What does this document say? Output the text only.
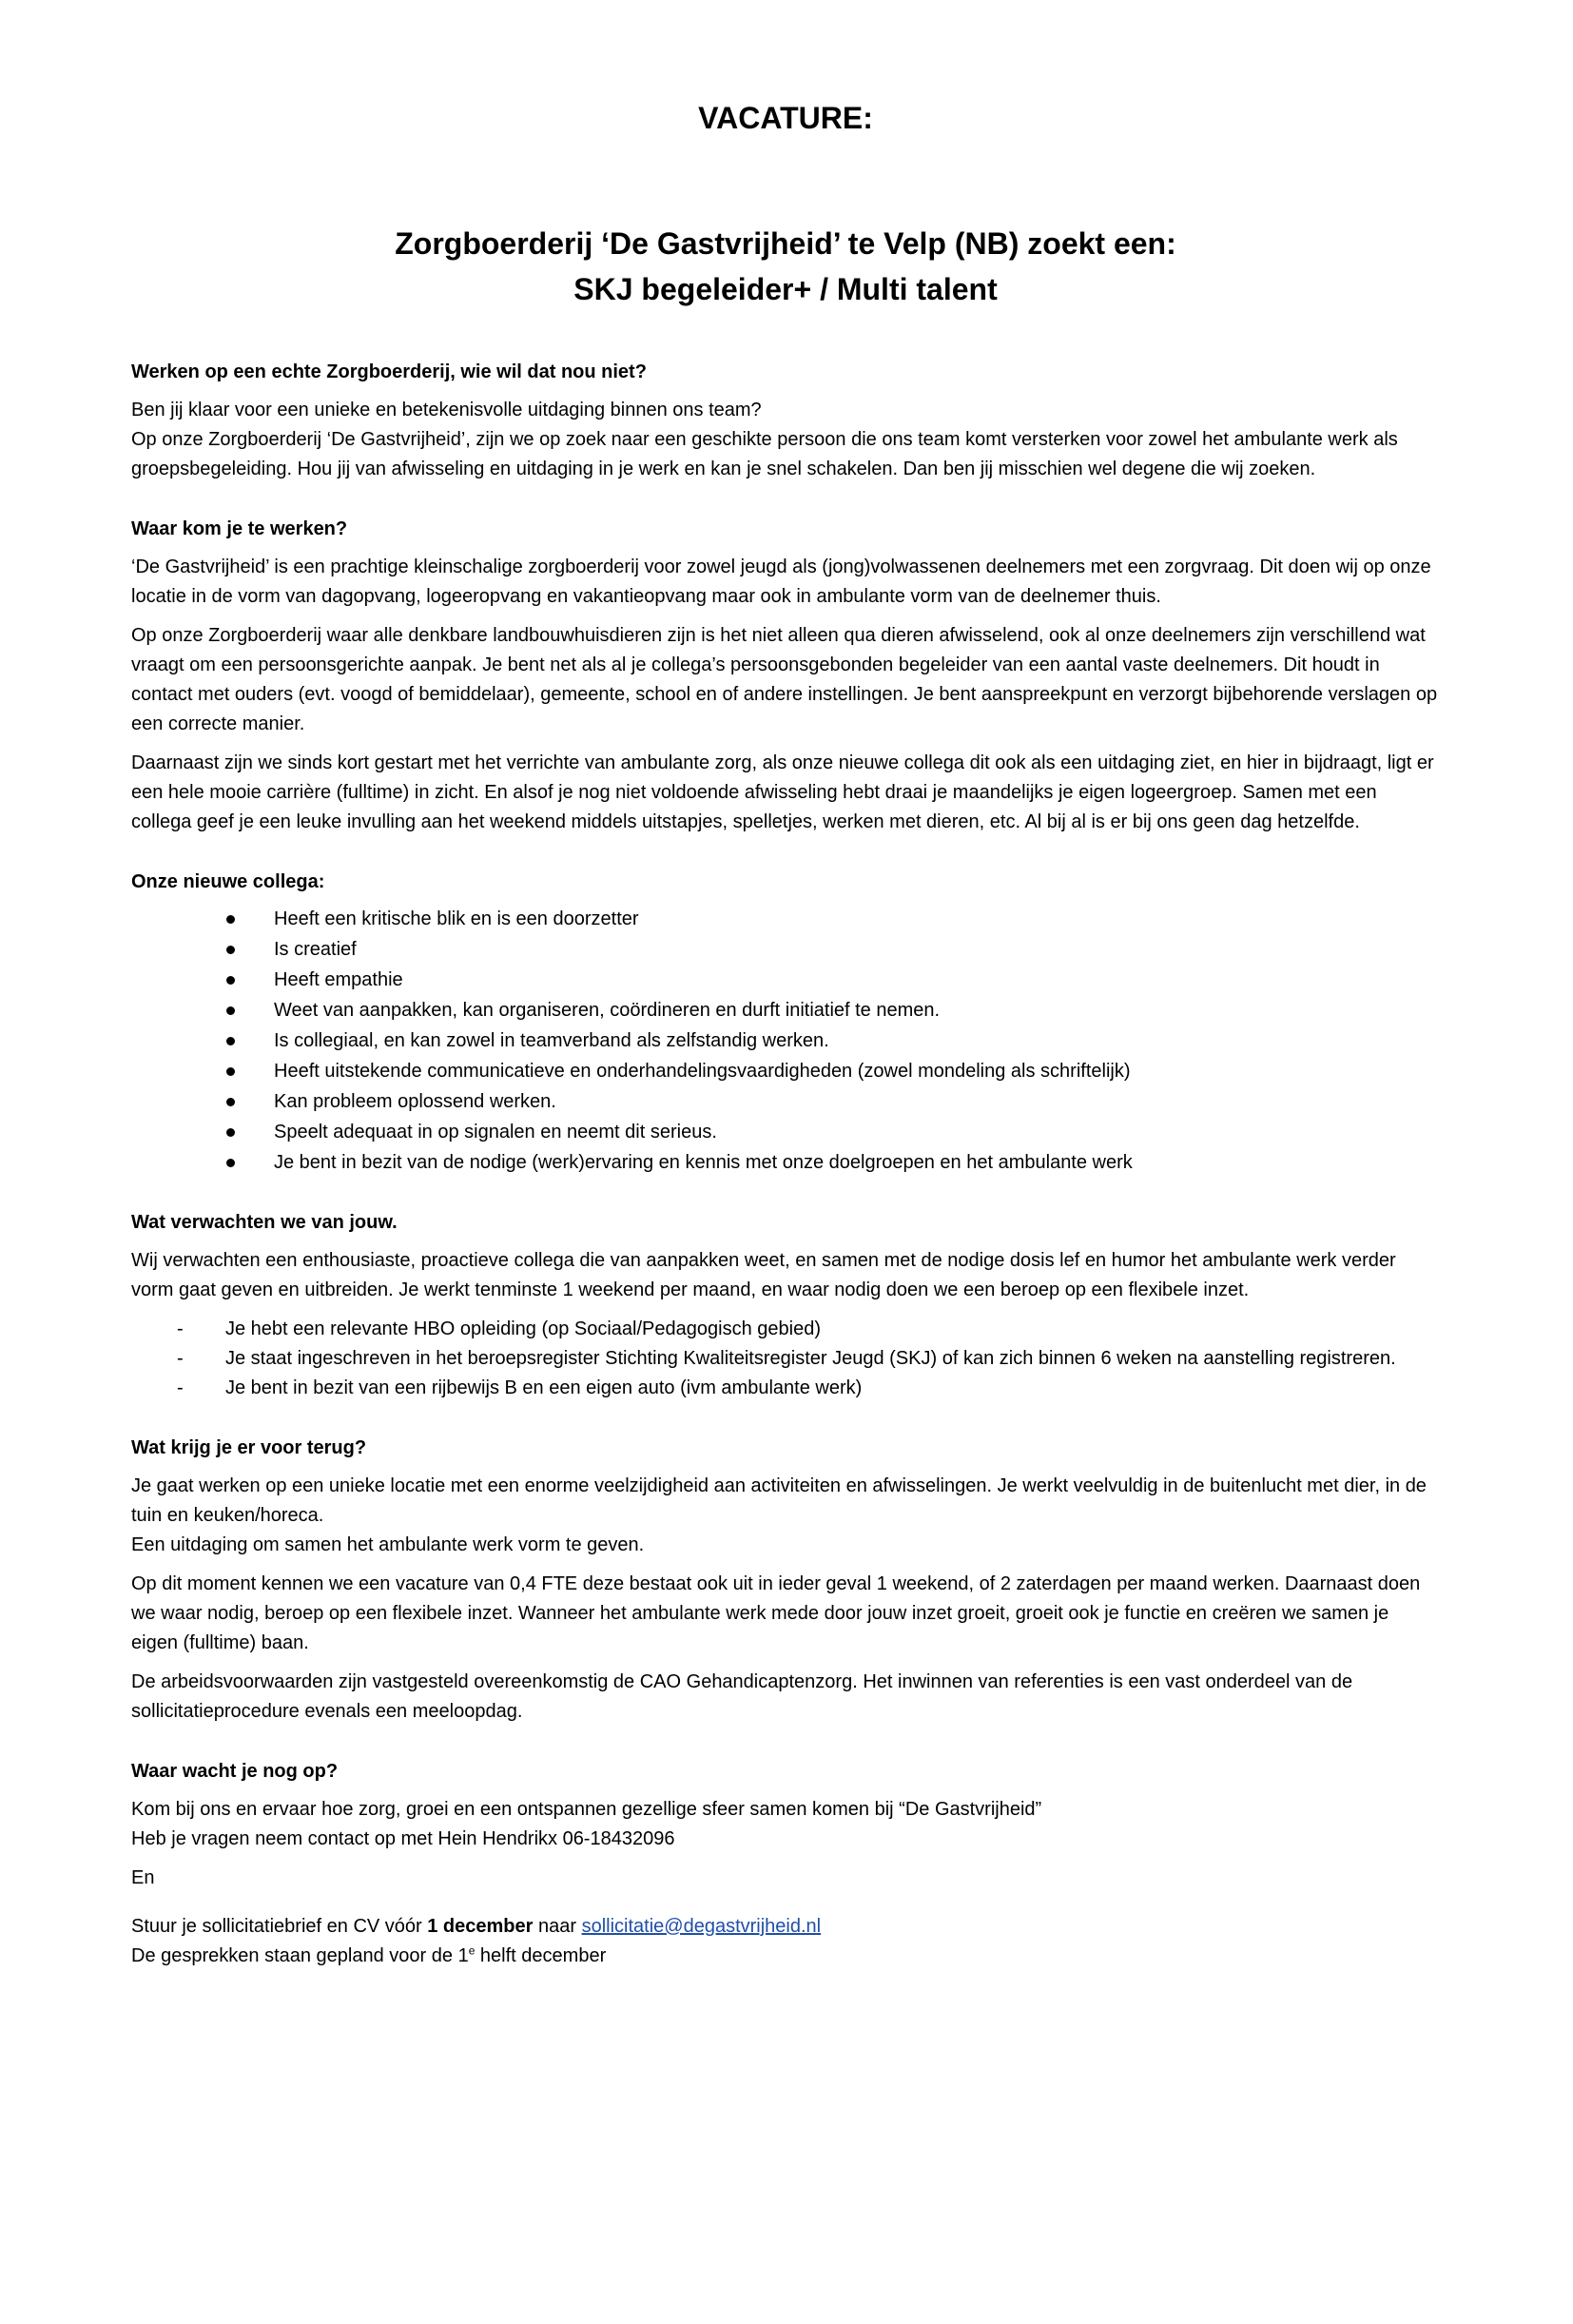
VACATURE:
Zorgboerderij ‘De Gastvrijheid’ te Velp (NB) zoekt een:
SKJ begeleider+ / Multi talent
Werken op een echte Zorgboerderij, wie wil dat nou niet?

Ben jij klaar voor een unieke en betekenisvolle uitdaging binnen ons team?

Op onze Zorgboerderij ‘De Gastvrijheid’, zijn we op zoek naar een geschikte persoon die ons team komt versterken voor zowel het ambulante werk als groepsbegeleiding. Hou jij van afwisseling en uitdaging in je werk en kan je snel schakelen. Dan ben jij misschien wel degene die wij zoeken.

Waar kom je te werken?

‘De Gastvrijheid’ is een prachtige kleinschalige zorgboerderij voor zowel jeugd als (jong)volwassenen deelnemers met een zorgvraag. Dit doen wij op onze locatie in de vorm van dagopvang, logeeropvang en vakantieopvang maar ook in ambulante vorm van de deelnemer thuis.

Op onze Zorgboerderij waar alle denkbare landbouwhuisdieren zijn is het niet alleen qua dieren afwisselend, ook al onze deelnemers zijn verschillend wat vraagt om een persoonsgerichte aanpak. Je bent net als al je collega’s persoonsgebonden begeleider van een aantal vaste deelnemers. Dit houdt in contact met ouders (evt. voogd of bemiddelaar), gemeente, school en of andere instellingen. Je bent aanspreekpunt en verzorgt bijbehorende verslagen op een correcte manier.

Daarnaast zijn we sinds kort gestart met het verrichte van ambulante zorg, als onze nieuwe collega dit ook als een uitdaging ziet, en hier in bijdraagt, ligt er een hele mooie carrière (fulltime) in zicht. En alsof je nog niet voldoende afwisseling hebt draai je maandelijks je eigen logeergroep. Samen met een collega geef je een leuke invulling aan het weekend middels uitstapjes, spelletjes, werken met dieren, etc. Al bij al is er bij ons geen dag hetzelfde.

Onze nieuwe collega:
Heeft een kritische blik en is een doorzetter
Is creatief
Heeft empathie
Weet van aanpakken, kan organiseren, coördineren en durft initiatief te nemen.
Is collegiaal, en kan zowel in teamverband als zelfstandig werken.
Heeft uitstekende communicatieve en onderhandelingsvaardigheden (zowel mondeling als schriftelijk)
Kan probleem oplossend werken.
Speelt adequaat in op signalen en neemt dit serieus.
Je bent in bezit van de nodige (werk)ervaring en kennis met onze doelgroepen en het ambulante werk
Wat verwachten we van jouw.

Wij verwachten een enthousiaste, proactieve collega die van aanpakken weet, en samen met de nodige dosis lef en humor het ambulante werk verder vorm gaat geven en uitbreiden. Je werkt tenminste 1 weekend per maand, en waar nodig doen we een beroep op een flexibele inzet.

-	Je hebt een relevante HBO opleiding (op Sociaal/Pedagogisch gebied)
-	Je staat ingeschreven in het beroepsregister Stichting Kwaliteitsregister Jeugd (SKJ) of kan zich binnen 6 weken na aanstelling registreren.
-	Je bent in bezit van een rijbewijs B en een eigen auto (ivm ambulante werk)
Wat krijg je er voor terug?

Je gaat werken op een unieke locatie met een enorme veelzijdigheid aan activiteiten en afwisselingen. Je werkt veelvuldig in de buitenlucht met dier, in de tuin en keuken/horeca.

Een uitdaging om samen het ambulante werk vorm te geven.

Op dit moment kennen we een vacature van 0,4 FTE deze bestaat ook uit in ieder geval 1 weekend, of 2 zaterdagen per maand werken. Daarnaast doen we waar nodig, beroep op een flexibele inzet. Wanneer het ambulante werk mede door jouw inzet groeit, groeit ook je functie en creëren we samen je eigen (fulltime) baan.

De arbeidsvoorwaarden zijn vastgesteld overeenkomstig de CAO Gehandicaptenzorg. Het inwinnen van referenties is een vast onderdeel van de sollicitatieprocedure evenals een meeloopdag.

Waar wacht je nog op?

Kom bij ons en ervaar hoe zorg, groei en een ontspannen gezellige sfeer samen komen bij “De Gastvrijheid”

Heb je vragen neem contact op met Hein Hendrikx 06-18432096

En

Stuur je sollicitatiebrief en CV vóór 1 december naar sollicitatie@degastvrijheid.nl

De gesprekken staan gepland voor de 1e helft december
